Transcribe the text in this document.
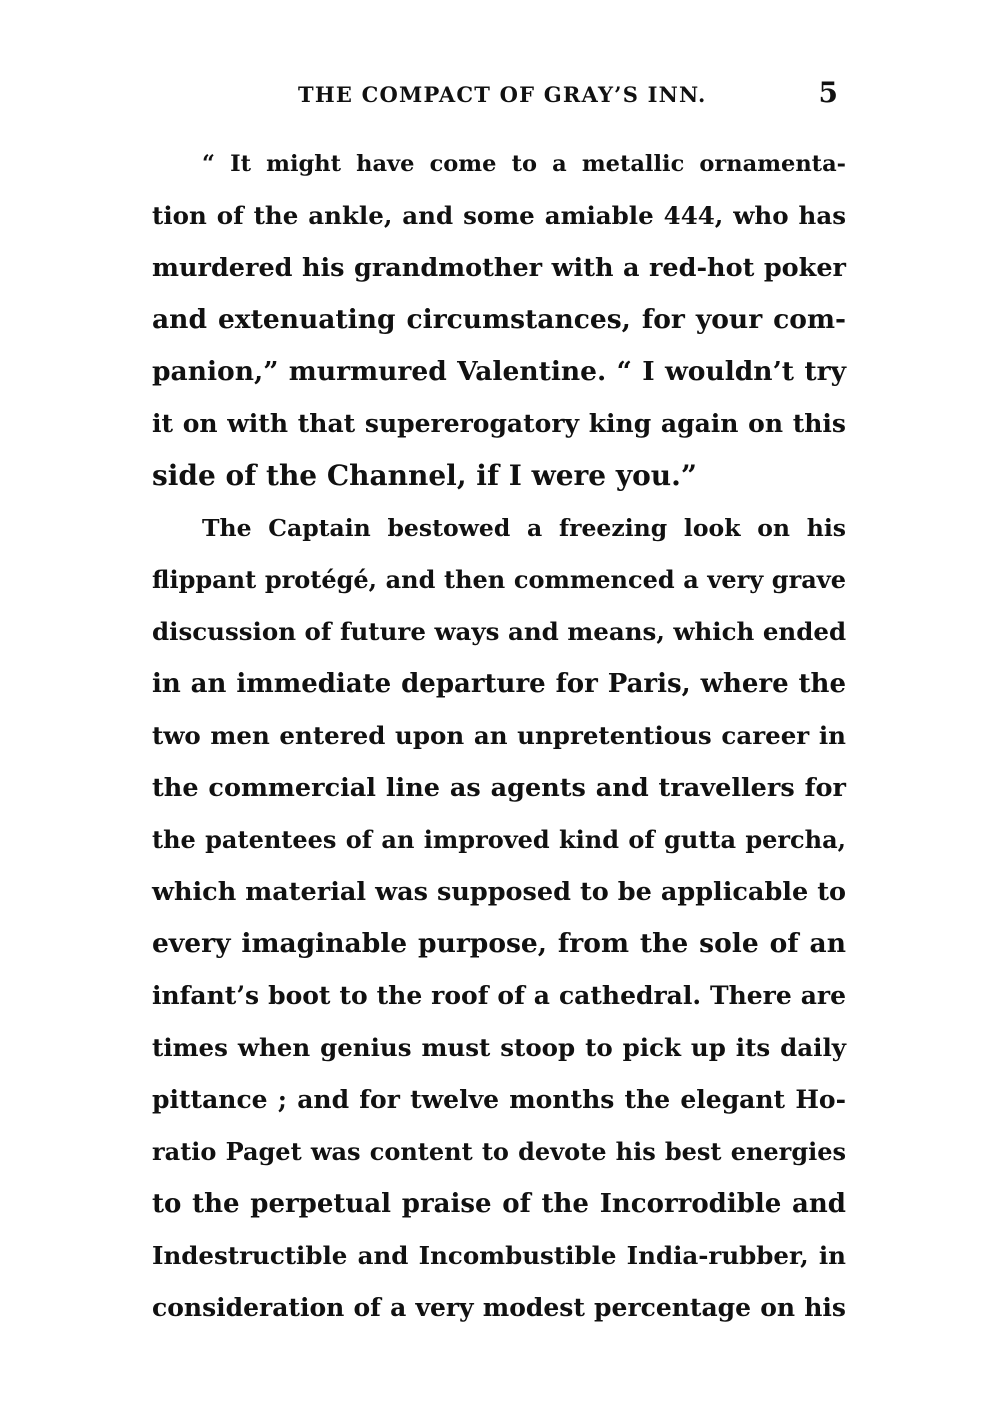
THE COMPACT OF GRAY’S INN.	5

“ It might have come to a metallic ornamenta-
tion of the ankle, and some amiable 444, who has
murdered his grandmother with a red-hot poker
and extenuating circumstances, for your com-
panion,” murmured Valentine. “ I wouldn’t try
it on with that supererogatory king again on this
side of the Channel, if I were you.”

The Captain bestowed a freezing look on his
flippant protégé, and then commenced a very grave
discussion of future ways and means, which ended
in an immediate departure for Paris, where the
two men entered upon an unpretentious career in
the commercial line as agents and travellers for
the patentees of an improved kind of gutta percha,
which material was supposed to be applicable to
every imaginable purpose, from the sole of an
infant’s boot to the roof of a cathedral. There are
times when genius must stoop to pick up its daily
pittance ; and for twelve months the elegant Ho-
ratio Paget was content to devote his best energies
to the perpetual praise of the Incorrodible and
Indestructible and Incombustible India-rubber, in
consideration of a very modest percentage on his
